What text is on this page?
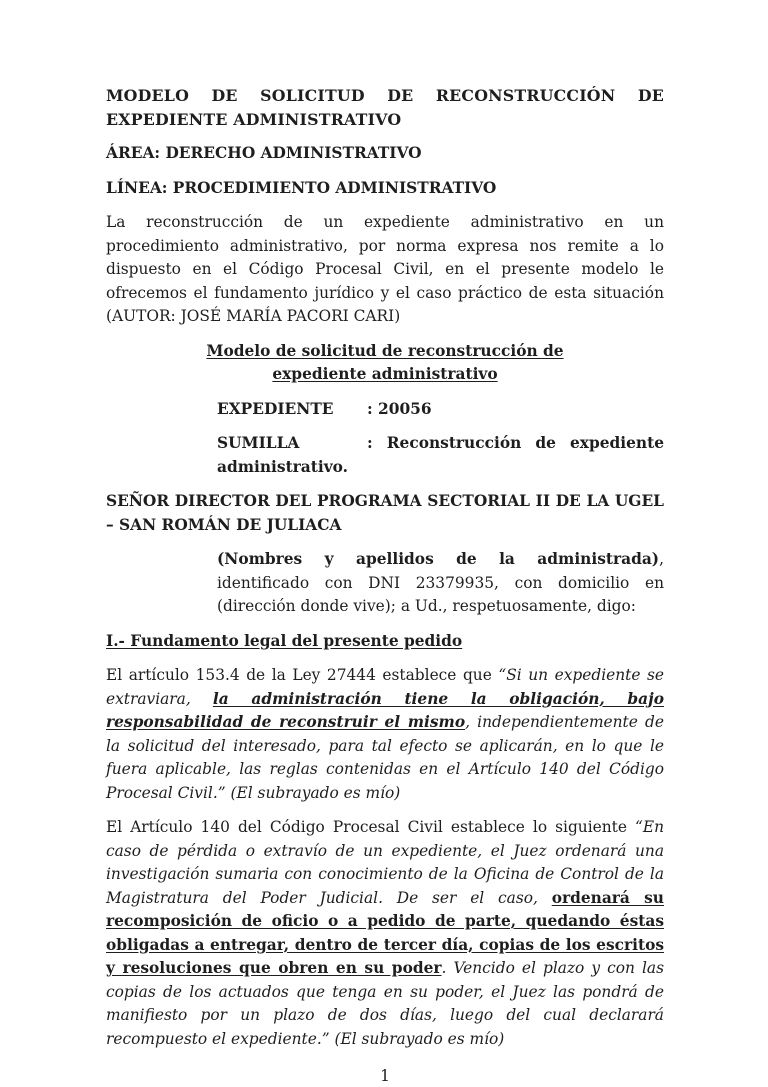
MODELO DE SOLICITUD DE RECONSTRUCCIÓN DE EXPEDIENTE ADMINISTRATIVO

ÁREA: DERECHO ADMINISTRATIVO

LÍNEA: PROCEDIMIENTO ADMINISTRATIVO

La reconstrucción de un expediente administrativo en un procedimiento administrativo, por norma expresa nos remite a lo dispuesto en el Código Procesal Civil, en el presente modelo le ofrecemos el fundamento jurídico y el caso práctico de esta situación (AUTOR: JOSÉ MARÍA PACORI CARI)

Modelo de solicitud de reconstrucción de expediente administrativo

EXPEDIENTE : 20056

SUMILLA	: Reconstrucción de expediente administrativo.

SEÑOR DIRECTOR DEL PROGRAMA SECTORIAL II DE LA UGEL – SAN ROMÁN DE JULIACA

(Nombres y apellidos de la administrada), identificado con DNI 23379935, con domicilio en (dirección donde vive); a Ud., respetuosamente, digo:

I.- Fundamento legal del presente pedido

El artículo 153.4 de la Ley 27444 establece que “Si un expediente se extraviara, la administración tiene la obligación, bajo responsabilidad de reconstruir el mismo, independientemente de la solicitud del interesado, para tal efecto se aplicarán, en lo que le fuera aplicable, las reglas contenidas en el Artículo 140 del Código Procesal Civil.” (El subrayado es mío)

El Artículo 140 del Código Procesal Civil establece lo siguiente “En caso de pérdida o extravío de un expediente, el Juez ordenará una investigación sumaria con conocimiento de la Oficina de Control de la Magistratura del Poder Judicial. De ser el caso, ordenará su recomposición de oficio o a pedido de parte, quedando éstas obligadas a entregar, dentro de tercer día, copias de los escritos y resoluciones que obren en su poder. Vencido el plazo y con las copias de los actuados que tenga en su poder, el Juez las pondrá de manifiesto por un plazo de dos días, luego del cual declarará recompuesto el expediente.” (El subrayado es mío)

1
